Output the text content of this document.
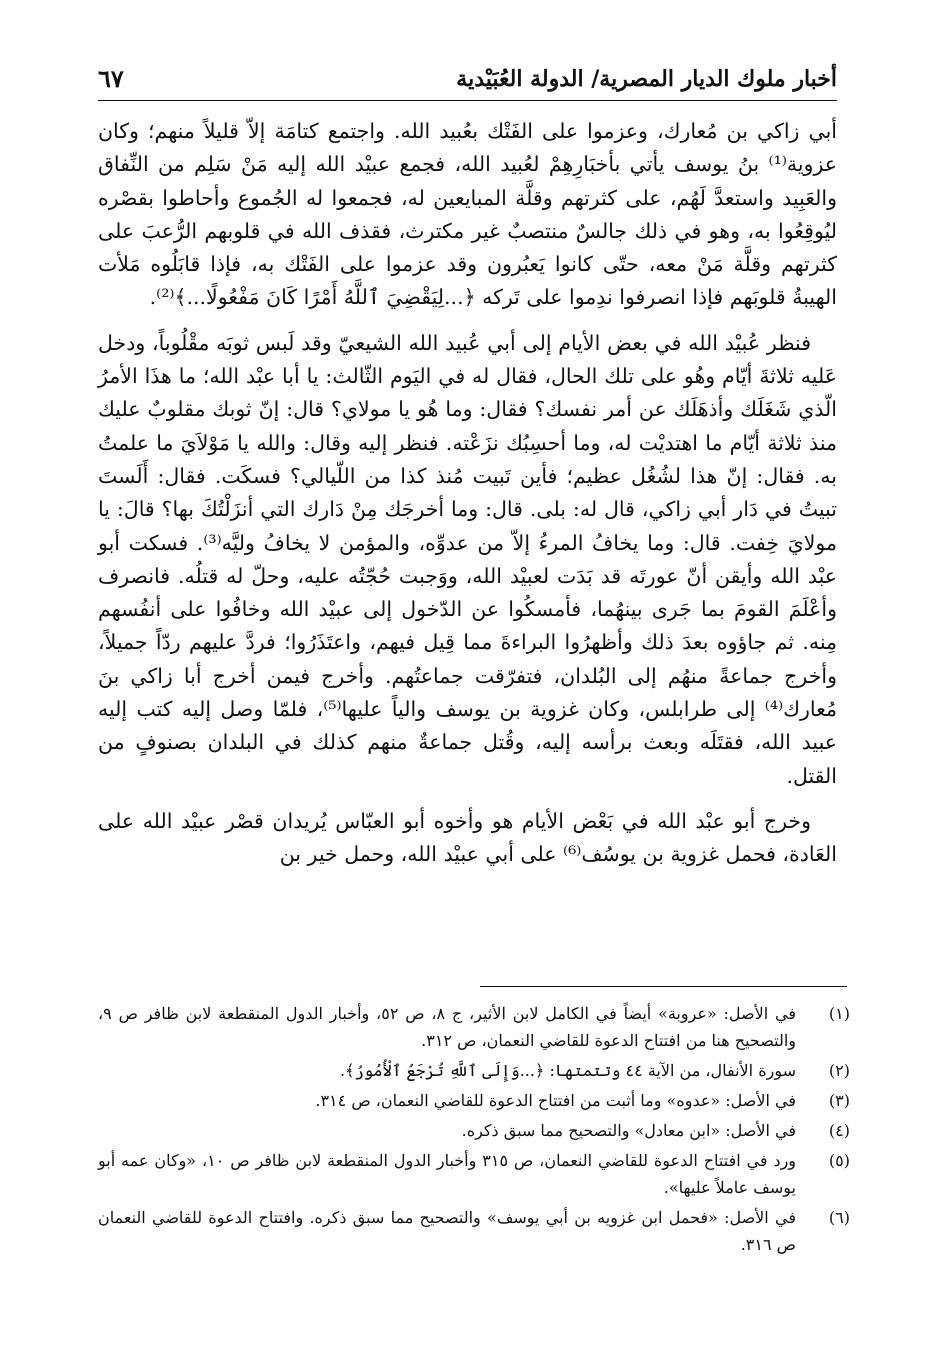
أخبار ملوك الديار المصرية/ الدولة العُبَيْدية
٦٧

أبي زاكي بن مُعارك، وعزموا على الفَتْك بعُبيد الله. واجتمع كتامَة إلاّ قليلاً منهم؛ وكان عزوية⁽¹⁾ بنُ يوسف يأتي بأخبَارِهِمْ لعُبيد الله، فجمع عبيْد الله إليه مَنْ سَلِم من النِّفاق والعَبِيد واستعدَّ لَهُم، على كثرتهم وقلَّة المبايعين له، فجمعوا له الجُموع وأحاطوا بقصْره ليُوقِعُوا به، وهو في ذلك جالسٌ منتصبٌ غير مكترث، فقذف الله في قلوبهم الرُّعبَ على كثرتهم وقلَّة مَنْ معه، حتّى كانوا يَعبُرون وقد عزموا على الفَتْك به، فإذا قابَلُوه مَلأت الهيبةُ قلوبَهم فإذا انصرفوا ندِموا على تَركه ﴿...لِيَقْضِيَ ٱللَّهُ أَمْرًا كَانَ مَفْعُولًا...﴾⁽²⁾.

فنظر عُبيْد الله في بعض الأيام إلى أبي عُبيد الله الشيعيّ وقد لَبس ثوبَه مقْلُوباً، ودخل عَليه ثلاثةَ أيّام وهُو على تلك الحال، فقال له في اليَوم الثّالث: يا أبا عبْد الله؛ ما هذَا الأمرُ الّذي شَغَلَك وأذهَلَك عن أمر نفسك؟ فقال: وما هُو يا مولاي؟ قال: إنّ ثوبك مقلوبٌ عليك منذ ثلاثة أيّام ما اهتديْت له، وما أحسِبُك نزَعْته. فنظر إليه وقال: والله يا مَوْلاَيَ ما علمتُ به. فقال: إنّ هذا لشُغُل عظيم؛ فأين تَبيت مُنذ كذا من اللّيالي؟ فسكَت. فقال: أَلَستَ تبيتُ في دَار أبي زاكي، قال له: بلى. قال: وما أخرجَك مِنْ دَارك التي أنزَلْتُكَ بها؟ قالَ: يا مولايَ خِفت. قال: وما يخافُ المرءُ إلاّ من عدوِّه، والمؤمن لا يخافُ وليَّه⁽³⁾. فسكت أبو عبْد الله وأيقن أنّ عورتَه قد بَدَت لعبيْد الله، ووَجبت حُجّتُه عليه، وحلّ له قتلُه. فانصرف وأعْلَمَ القومَ بما جَرى بينهُما، فأمسكُوا عن الدّخول إلى عبيْد الله وخافُوا على أنفُسهم مِنه. ثم جاؤوه بعدَ ذلك وأظهرُوا البراءةَ مما قِيل فيهم، واعتَذَرُوا؛ فردَّ عليهم ردّاً جميلاً، وأخرج جماعةً منهُم إلى البُلدان، فتفرّقت جماعتُهم. وأخرج فيمن أخرج أبا زاكي بنَ مُعارك⁽⁴⁾ إلى طرابلس، وكان غزوية بن يوسف والياً عليها⁽⁵⁾، فلمّا وصل إليه كتب إليه عبيد الله، فقتَلَه وبعث برأسه إليه، وقُتل جماعةٌ منهم كذلك في البلدان بصنوفٍ من القتل.

وخرج أبو عبْد الله في بَعْض الأيام هو وأخوه أبو العبّاس يُريدان قصْر عبيْد الله على العَادة، فحمل غزوية بن يوسُف⁽⁶⁾ على أبي عبيْد الله، وحمل خير بن

(١)
في الأصل: «عروبة» أيضاً في الكامل لابن الأثير، ج ٨، ص ٥٢، وأخبار الدول المنقطعة لابن ظافر ص ٩، والتصحيح هنا من افتتاح الدعوة للقاضي النعمان، ص ٣١٢.
(٢)
سورة الأنفال، من الآية ٤٤ وتتمتها: ﴿...وَإِلَى ٱللَّهِ تُرْجَعُ ٱلْأُمُورُ﴾.
(٣)
في الأصل: «عدوه» وما أثبت من افتتاح الدعوة للقاضي النعمان، ص ٣١٤.
(٤)
في الأصل: «ابن معادل» والتصحيح مما سبق ذكره.
(٥)
ورد في افتتاح الدعوة للقاضي النعمان، ص ٣١٥ وأخبار الدول المنقطعة لابن ظافر ص ١٠، «وكان عمه أبو يوسف عاملاً عليها».
(٦)
في الأصل: «فحمل ابن غزويه بن أبي يوسف» والتصحيح مما سبق ذكره. وافتتاح الدعوة للقاضي النعمان ص ٣١٦.
